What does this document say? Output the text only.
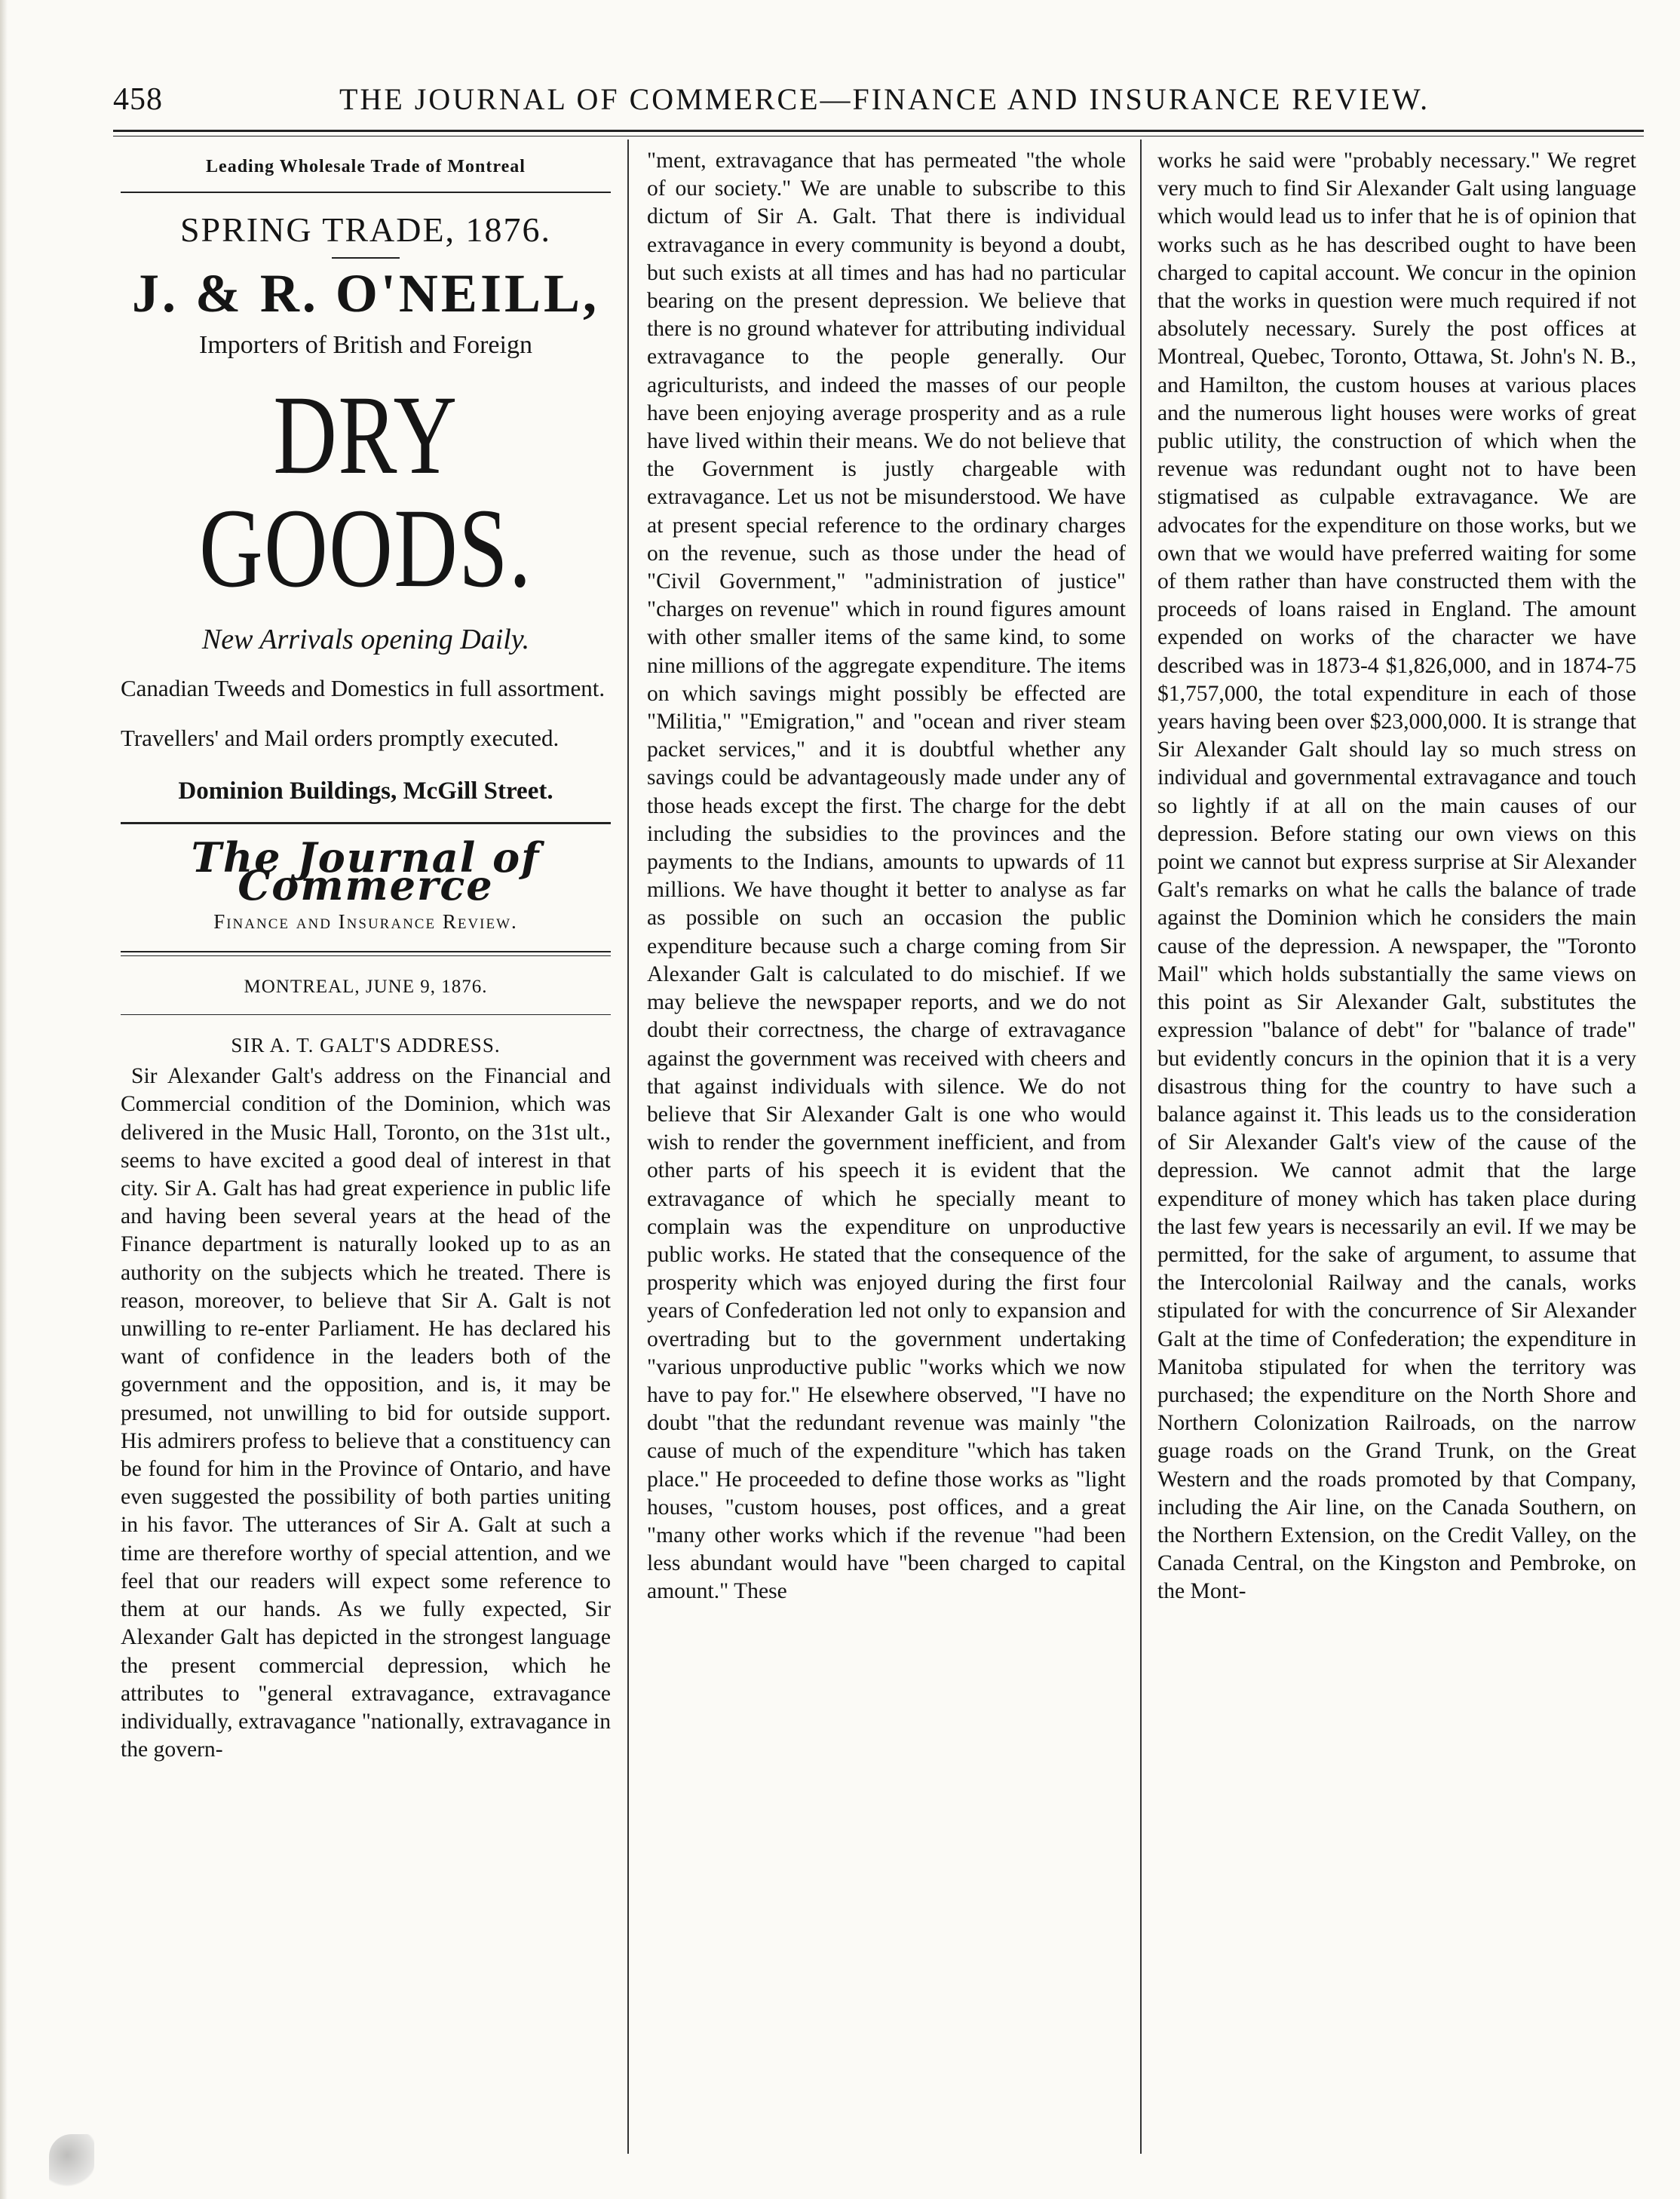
458	THE JOURNAL OF COMMERCE—FINANCE AND INSURANCE REVIEW.
Leading Wholesale Trade of Montreal
SPRING TRADE, 1876.
J. & R. O'NEILL,
Importers of British and Foreign
DRY GOODS.
New Arrivals opening Daily.
Canadian Tweeds and Domestics in full assortment.
Travellers' and Mail orders promptly executed.
Dominion Buildings, McGill Street.
The Journal of Commerce
Finance and Insurance Review.
MONTREAL, JUNE 9, 1876.
SIR A. T. GALT'S ADDRESS.

Sir Alexander Galt's address on the Financial and Commercial condition of the Dominion, which was delivered in the Music Hall, Toronto, on the 31st ult., seems to have excited a good deal of interest in that city. Sir A. Galt has had great experience in public life and having been several years at the head of the Finance department is naturally looked up to as an authority on the subjects which he treated. There is reason, moreover, to believe that Sir A. Galt is not unwilling to re-enter Parliament. He has declared his want of confidence in the leaders both of the government and the opposition, and is, it may be presumed, not unwilling to bid for outside support. His admirers profess to believe that a constituency can be found for him in the Province of Ontario, and have even suggested the possibility of both parties uniting in his favor. The utterances of Sir A. Galt at such a time are therefore worthy of special attention, and we feel that our readers will expect some reference to them at our hands. As we fully expected, Sir Alexander Galt has depicted in the strongest language the present commercial depression, which he attributes to "general extravagance, extravagance individually, extravagance "nationally, extravagance in the govern-

"ment, extravagance that has permeated "the whole of our society." We are unable to subscribe to this dictum of Sir A. Galt. That there is individual extravagance in every community is beyond a doubt, but such exists at all times and has had no particular bearing on the present depression. We believe that there is no ground whatever for attributing individual extravagance to the people generally. Our agriculturists, and indeed the masses of our people have been enjoying average prosperity and as a rule have lived within their means. We do not believe that the Government is justly chargeable with extravagance. Let us not be misunderstood. We have at present special reference to the ordinary charges on the revenue, such as those under the head of "Civil Government," "administration of justice" "charges on revenue" which in round figures amount with other smaller items of the same kind, to some nine millions of the aggregate expenditure. The items on which savings might possibly be effected are "Militia," "Emigration," and "ocean and river steam packet services," and it is doubtful whether any savings could be advantageously made under any of those heads except the first. The charge for the debt including the subsidies to the provinces and the payments to the Indians, amounts to upwards of 11 millions. We have thought it better to analyse as far as possible on such an occasion the public expenditure because such a charge coming from Sir Alexander Galt is calculated to do mischief. If we may believe the newspaper reports, and we do not doubt their correctness, the charge of extravagance against the government was received with cheers and that against individuals with silence. We do not believe that Sir Alexander Galt is one who would wish to render the government inefficient, and from other parts of his speech it is evident that the extravagance of which he specially meant to complain was the expenditure on unproductive public works. He stated that the consequence of the prosperity which was enjoyed during the first four years of Confederation led not only to expansion and overtrading but to the government undertaking "various unproductive public "works which we now have to pay for." He elsewhere observed, "I have no doubt "that the redundant revenue was mainly "the cause of much of the expenditure "which has taken place." He proceeded to define those works as "light houses, "custom houses, post offices, and a great "many other works which if the revenue "had been less abundant would have "been charged to capital amount." These

works he said were "probably necessary." We regret very much to find Sir Alexander Galt using language which would lead us to infer that he is of opinion that works such as he has described ought to have been charged to capital account. We concur in the opinion that the works in question were much required if not absolutely necessary. Surely the post offices at Montreal, Quebec, Toronto, Ottawa, St. John's N. B., and Hamilton, the custom houses at various places and the numerous light houses were works of great public utility, the construction of which when the revenue was redundant ought not to have been stigmatised as culpable extravagance. We are advocates for the expenditure on those works, but we own that we would have preferred waiting for some of them rather than have constructed them with the proceeds of loans raised in England. The amount expended on works of the character we have described was in 1873-4 $1,826,000, and in 1874-75 $1,757,000, the total expenditure in each of those years having been over $23,000,000. It is strange that Sir Alexander Galt should lay so much stress on individual and governmental extravagance and touch so lightly if at all on the main causes of our depression. Before stating our own views on this point we cannot but express surprise at Sir Alexander Galt's remarks on what he calls the balance of trade against the Dominion which he considers the main cause of the depression. A newspaper, the "Toronto Mail" which holds substantially the same views on this point as Sir Alexander Galt, substitutes the expression "balance of debt" for "balance of trade" but evidently concurs in the opinion that it is a very disastrous thing for the country to have such a balance against it. This leads us to the consideration of Sir Alexander Galt's view of the cause of the depression. We cannot admit that the large expenditure of money which has taken place during the last few years is necessarily an evil. If we may be permitted, for the sake of argument, to assume that the Intercolonial Railway and the canals, works stipulated for with the concurrence of Sir Alexander Galt at the time of Confederation; the expenditure in Manitoba stipulated for when the territory was purchased; the expenditure on the North Shore and Northern Colonization Railroads, on the narrow guage roads on the Grand Trunk, on the Great Western and the roads promoted by that Company, including the Air line, on the Canada Southern, on the Northern Extension, on the Credit Valley, on the Canada Central, on the Kingston and Pembroke, on the Mont-
